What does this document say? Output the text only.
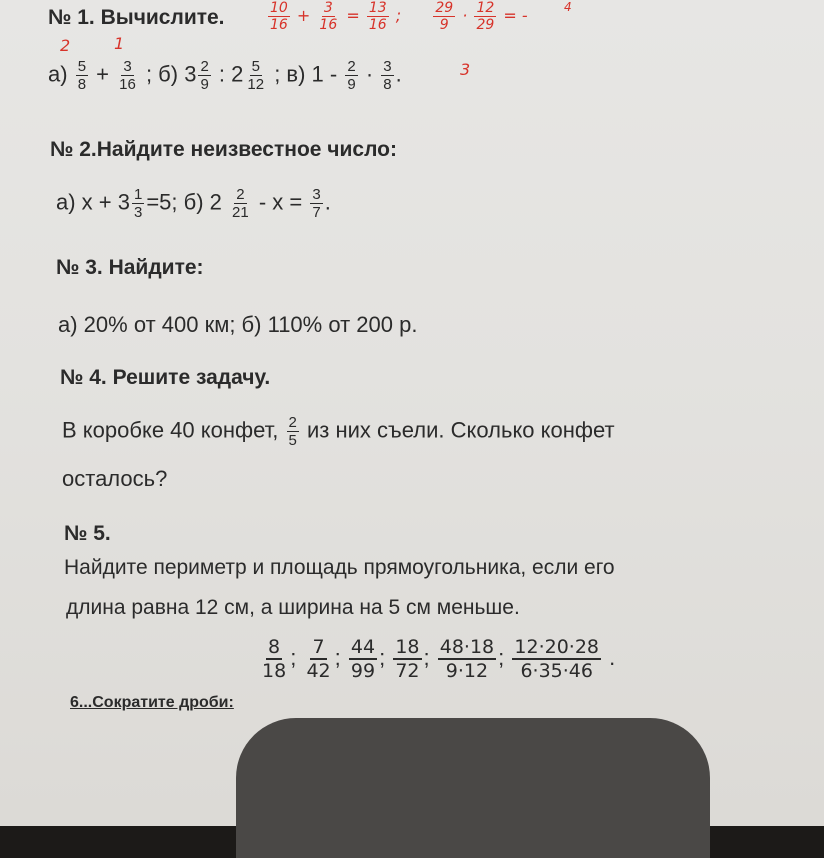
№ 1. Вычислите.	$\frac{10}{16} + \frac{3}{16} = \frac{13}{16}$ ; $\frac{29}{9} \cdot \frac{12}{29}$ = -
2	1
3
4
$а) \frac{5}{8} + \frac{3}{16}$ ; б) $3 \frac{2}{9}$ : $2 \frac{5}{12}$ ; в) $1 - \frac{2}{9} \cdot \frac{3}{8}$ .
№ 2.Найдите неизвестное число:
а) $x + 3 \frac{1}{3} =5$; б) $2 \frac{2}{21} - x = \frac{3}{7}$ .
№ 3. Найдите:
а) 20% от 400 км; б) 110% от 200 р.
№ 4. Решите задачу.
В коробке 40 конфет, $\frac{2}{5}$ из них съели. Сколько конфет
осталось?
№ 5.
Найдите периметр и площадь прямоугольника, если его
длина равна 12 см, а ширина на 5 см меньше.
6...Сократите дроби:
$\frac{8}{18}$ ; $\frac{7}{42}$ ; $\frac{44}{99}$ ; $\frac{18}{72}$ ; $\frac{48\cdot 18}{9\cdot 12}$ ; $\frac{12\cdot 20\cdot 28}{6\cdot 35\cdot 46}$ .
